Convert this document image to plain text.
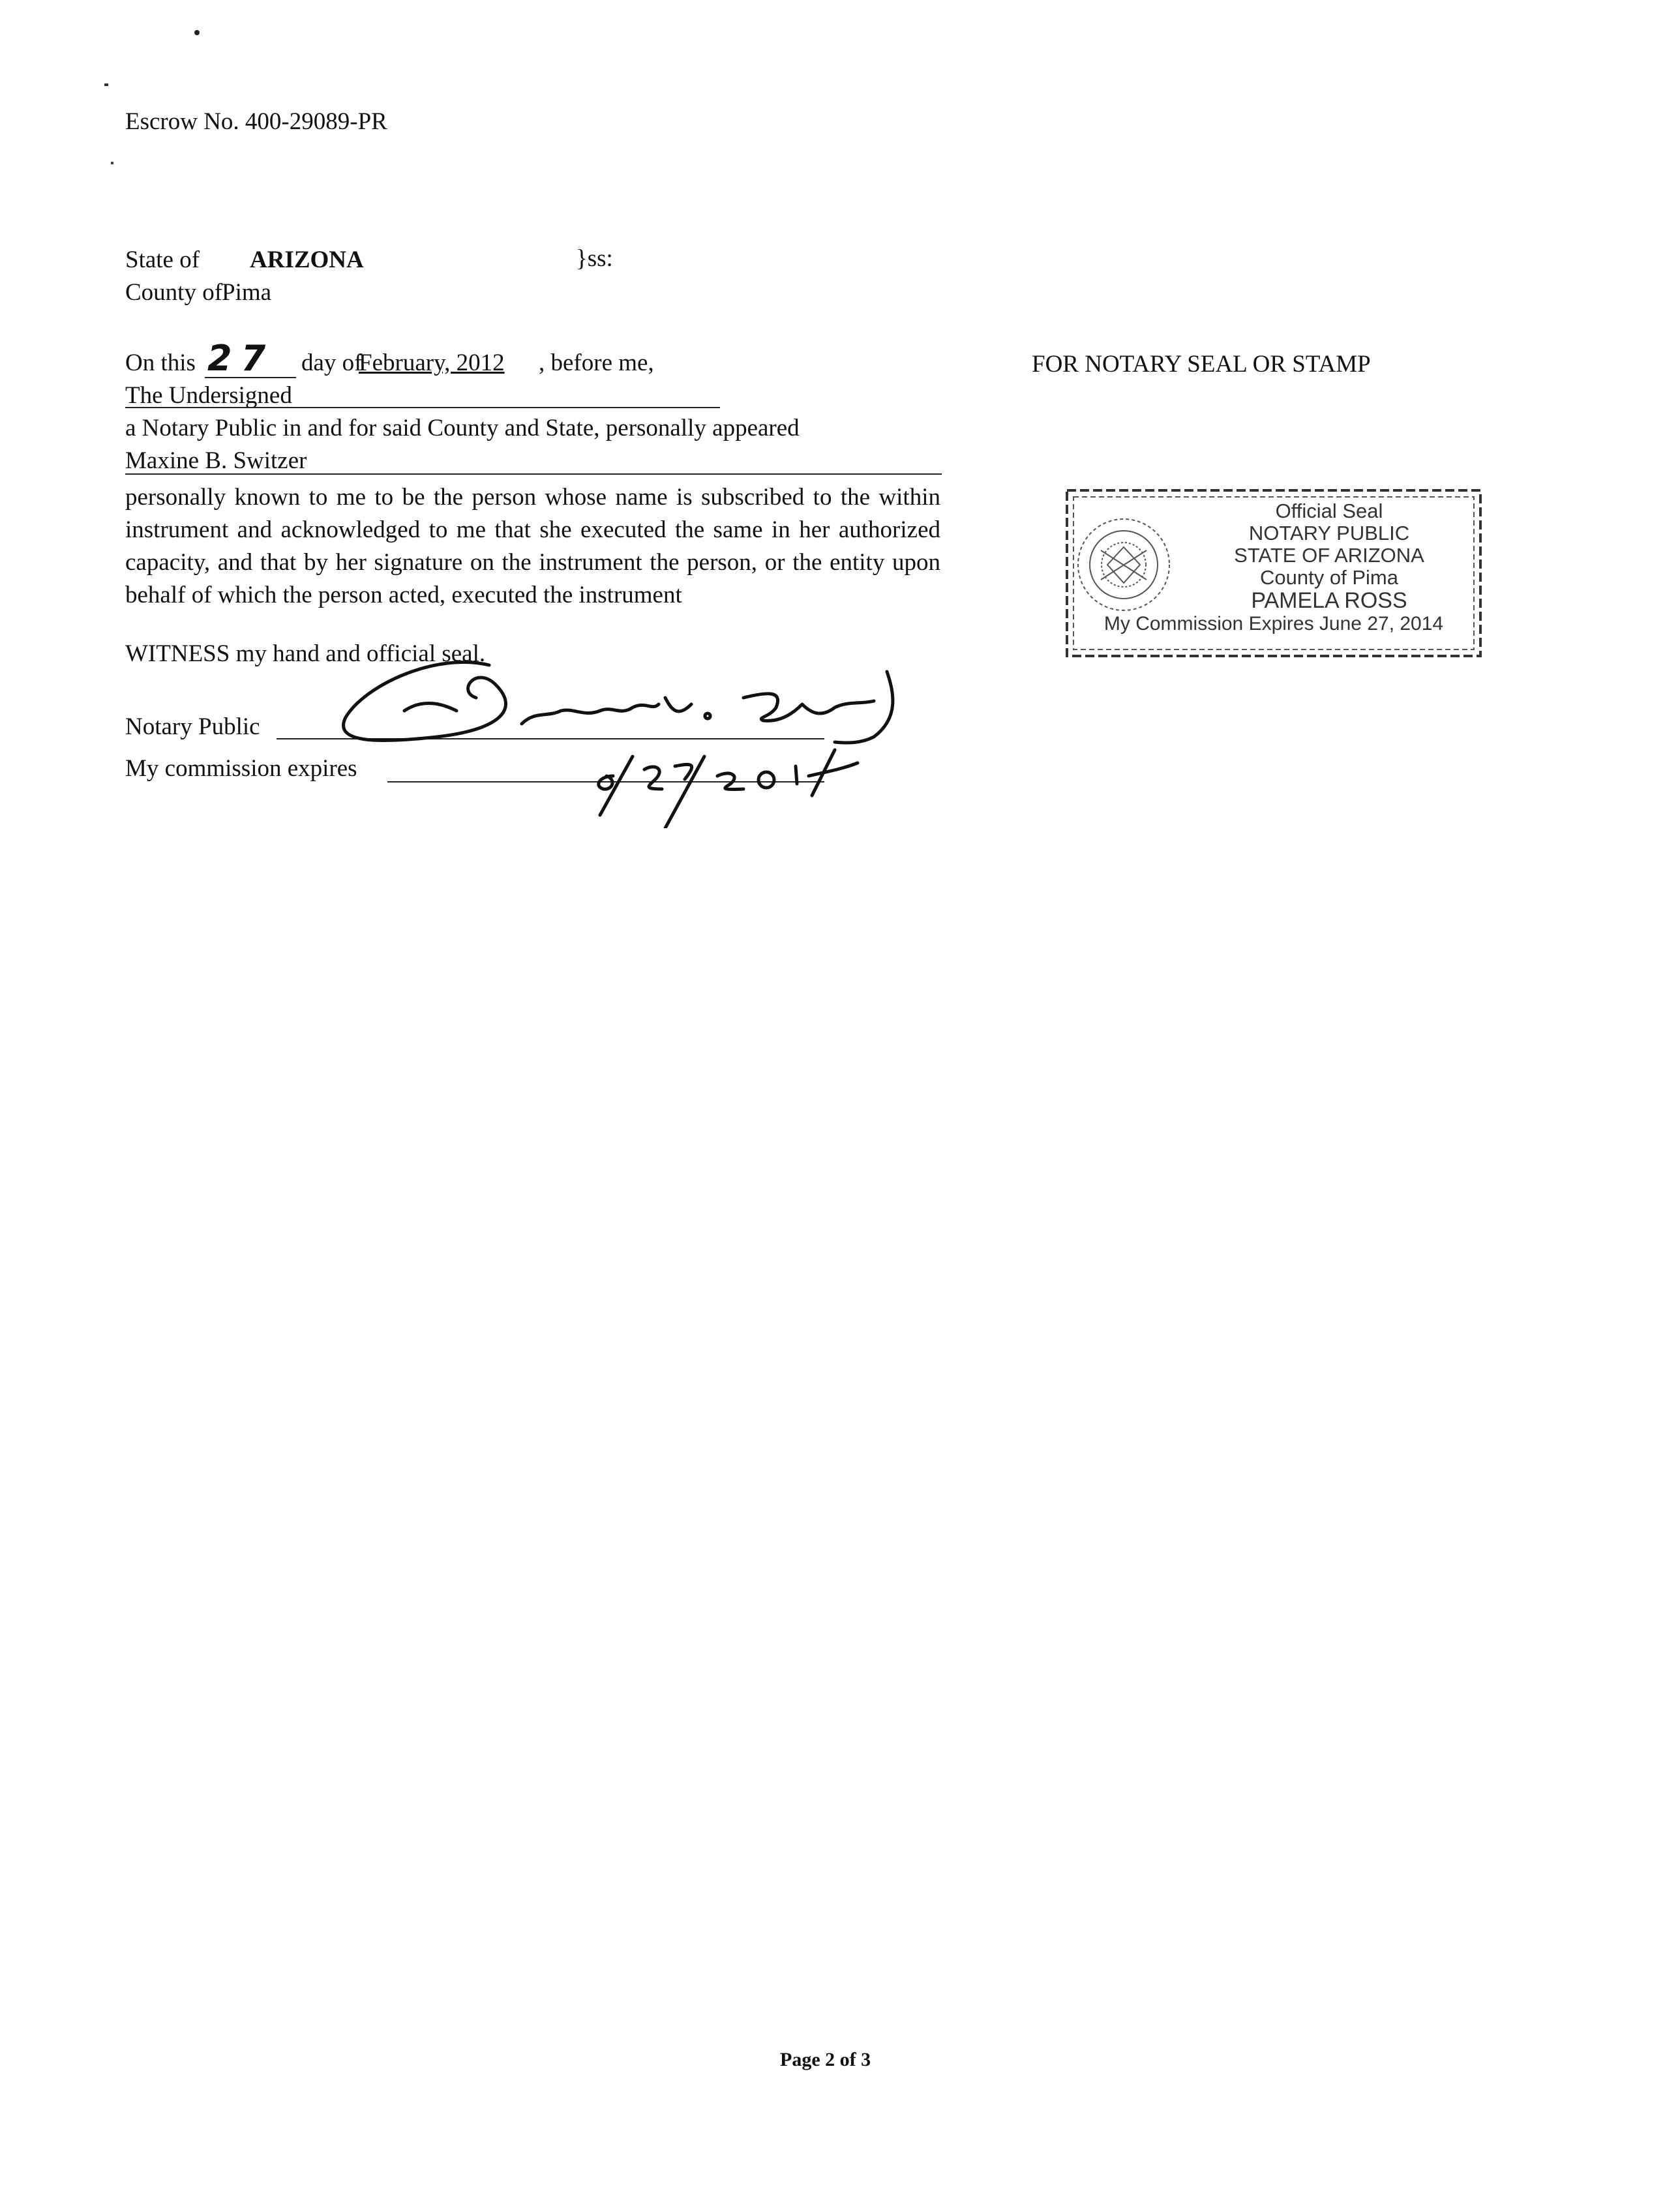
Escrow No. 400-29089-PR
State of ARIZONA	}ss:
County of
Pima
On this 27 day of
February, 2012 , before me,
The Undersigned
a Notary Public in and for said County and State, personally appeared
Maxine B. Switzer
personally known to me to be the person whose name is subscribed to the within instrument and acknowledged to me that she executed the same in her authorized capacity, and that by her signature on the instrument the person, or the entity upon behalf of which the person acted, executed the instrument
WITNESS my hand and official seal.
Notary Public
My commission expires
FOR NOTARY SEAL OR STAMP
Official Seal
NOTARY PUBLIC
STATE OF ARIZONA
County of Pima
PAMELA ROSS
My Commission Expires June 27, 2014
Page 2 of 3
